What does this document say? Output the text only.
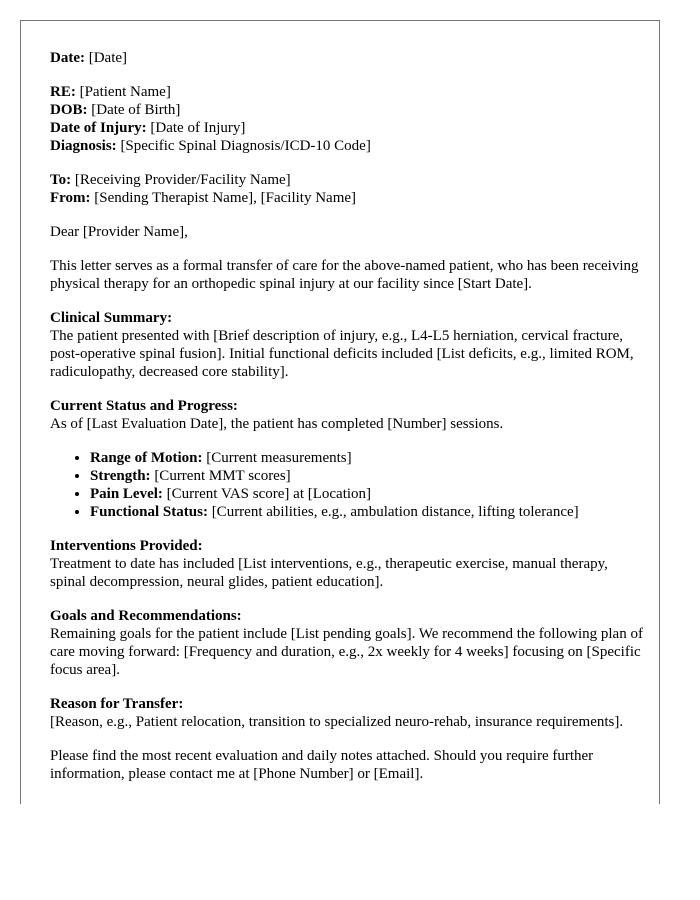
Date: [Date]

RE: [Patient Name]
DOB: [Date of Birth]
Date of Injury: [Date of Injury]
Diagnosis: [Specific Spinal Diagnosis/ICD-10 Code]

To: [Receiving Provider/Facility Name]
From: [Sending Therapist Name], [Facility Name]

Dear [Provider Name],

This letter serves as a formal transfer of care for the above-named patient, who has been receiving physical therapy for an orthopedic spinal injury at our facility since [Start Date].

Clinical Summary:
The patient presented with [Brief description of injury, e.g., L4-L5 herniation, cervical fracture, post-operative spinal fusion]. Initial functional deficits included [List deficits, e.g., limited ROM, radiculopathy, decreased core stability].

Current Status and Progress:

As of [Last Evaluation Date], the patient has completed [Number] sessions.

• Range of Motion: [Current measurements]
• Strength: [Current MMT scores]
• Pain Level: [Current VAS score] at [Location]
• Functional Status: [Current abilities, e.g., ambulation distance, lifting tolerance]

Interventions Provided:
Treatment to date has included [List interventions, e.g., therapeutic exercise, manual therapy, spinal decompression, neural glides, patient education].

Goals and Recommendations:
Remaining goals for the patient include [List pending goals]. We recommend the following plan of care moving forward: [Frequency and duration, e.g., 2x weekly for 4 weeks] focusing on [Specific focus area].

Reason for Transfer:
[Reason, e.g., Patient relocation, transition to specialized neuro-rehab, insurance requirements].

Please find the most recent evaluation and daily notes attached. Should you require further information, please contact me at [Phone Number] or [Email].
